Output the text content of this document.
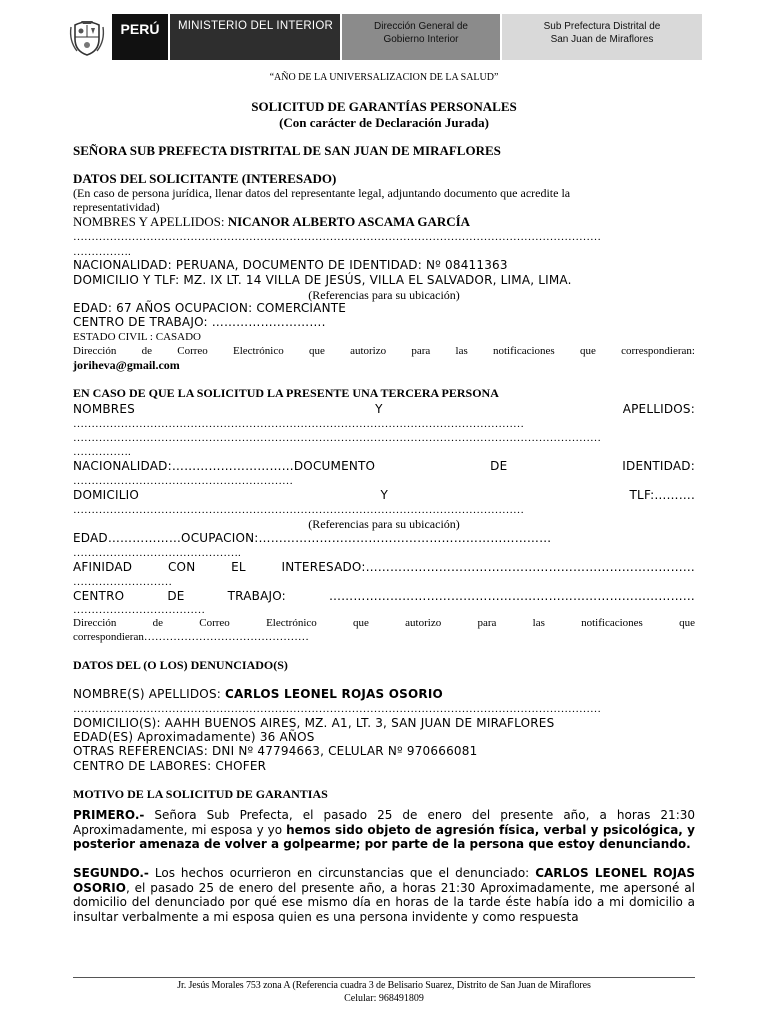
PERÚ	MINISTERIO DEL INTERIOR	Dirección General de
Gobierno Interior
Sub Prefectura Distrital de
San Juan de Miraflores
“AÑO DE LA UNIVERSALIZACION DE LA SALUD”
SOLICITUD DE GARANTÍAS PERSONALES
(Con carácter de Declaración Jurada)
SEÑORA SUB PREFECTA DISTRITAL DE SAN JUAN DE MIRAFLORES
DATOS DEL SOLICITANTE (INTERESADO)
(En caso de persona jurídica, llenar datos del representante legal, adjuntando documento que acredite la
representatividad)
NOMBRES Y APELLIDOS: NICANOR ALBERTO ASCAMA GARCÍA
………………………………………………………………………………………………………………………………
…………….
NACIONALIDAD: PERUANA, DOCUMENTO DE IDENTIDAD: Nº 08411363
DOMICILIO Y TLF: MZ. IX LT. 14 VILLA DE JESÚS, VILLA EL SALVADOR, LIMA, LIMA.
(Referencias para su ubicación)
EDAD: 67 AÑOS OCUPACION: COMERCIANTE
CENTRO DE TRABAJO: ……………………….
ESTADO CIVIL : CASADO
Dirección de Correo Electrónico que autorizo para las notificaciones que correspondieran:
joriheva@gmail.com
EN CASO DE QUE LA SOLICITUD LA PRESENTE UNA TERCERA PERSONA
NOMBRES	Y	APELLIDOS:
……………………………………………………………………………………………………………
………………………………………………………………………………………………………………………………
…………….
NACIONALIDAD:…………………………DOCUMENTO	DE	IDENTIDAD:
……………………………………………………
DOMICILIO	Y	TLF:……….
……………………………………………………………………………………………………………
(Referencias para su ubicación)
EDAD………………OCUPACION:………………………………………………………………
……………………………………….
AFINIDAD	CON	EL	INTERESADO:………………………………………………………………………
………………………
CENTRO	DE	TRABAJO:	………………………………………………………………………………
………………………………
Dirección	de	Correo	Electrónico	que	autorizo	para	las	notificaciones	que
correspondieran………………………………………
DATOS DEL (O LOS) DENUNCIADO(S)
NOMBRE(S) APELLIDOS: CARLOS LEONEL ROJAS OSORIO
………………………………………………………………………………………………………………………………
DOMICILIO(S): AAHH BUENOS AIRES, MZ. A1, LT. 3, SAN JUAN DE MIRAFLORES
EDAD(ES) Aproximadamente) 36 AÑOS
OTRAS REFERENCIAS: DNI Nº 47794663, CELULAR Nº 970666081
CENTRO DE LABORES: CHOFER
MOTIVO DE LA SOLICITUD DE GARANTIAS
PRIMERO.- Señora Sub Prefecta, el pasado 25 de enero del presente año, a horas 21:30 Aproximadamente, mi esposa y yo hemos sido objeto de agresión física, verbal y psicológica, y posterior amenaza de volver a golpearme; por parte de la persona que estoy denunciando.
SEGUNDO.- Los hechos ocurrieron en circunstancias que el denunciado: CARLOS LEONEL ROJAS OSORIO, el pasado 25 de enero del presente año, a horas 21:30 Aproximadamente, me apersoné al domicilio del denunciado por qué ese mismo día en horas de la tarde éste había ido a mi domicilio a insultar verbalmente a mi esposa quien es una persona invidente y como respuesta
Jr. Jesús Morales 753 zona A (Referencia cuadra 3 de Belisario Suarez, Distrito de San Juan de Miraflores
Celular: 968491809
